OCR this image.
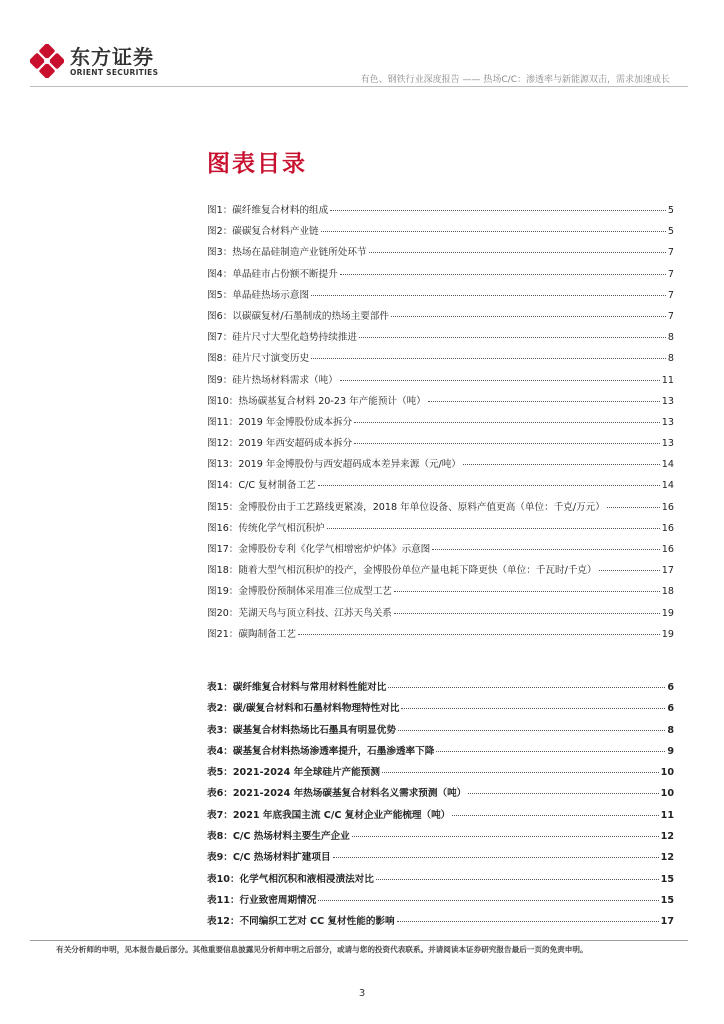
东方证券
ORIENT SECURITIES
有色、钢铁行业深度报告 —— 热场C/C：渗透率与新能源双击，需求加速成长
图表目录
图1：碳纤维复合材料的组成	5
图2：碳碳复合材料产业链	5
图3：热场在晶硅制造产业链所处环节	7
图4：单晶硅市占份额不断提升	7
图5：单晶硅热场示意图	7
图6：以碳碳复材/石墨制成的热场主要部件	7
图7：硅片尺寸大型化趋势持续推进	8
图8：硅片尺寸演变历史	8
图9：硅片热场材料需求（吨）	11
图10：热场碳基复合材料 20-23 年产能预计（吨）	13
图11：2019 年金博股份成本拆分	13
图12：2019 年西安超码成本拆分	13
图13：2019 年金博股份与西安超码成本差异来源（元/吨）	14
图14：C/C 复材制备工艺	14
图15：金博股份由于工艺路线更紧凑，2018 年单位设备、原料产值更高（单位：千克/万元）	16
图16：传统化学气相沉积炉	16
图17：金博股份专利《化学气相增密炉炉体》示意图	16
图18：随着大型气相沉积炉的投产，金博股份单位产量电耗下降更快（单位：千瓦时/千克）	17
图19：金博股份预制体采用准三位成型工艺	18
图20：芜湖天鸟与顶立科技、江苏天鸟关系	19
图21：碳陶制备工艺	19
表1：碳纤维复合材料与常用材料性能对比	6
表2：碳/碳复合材料和石墨材料物理特性对比	6
表3：碳基复合材料热场比石墨具有明显优势	8
表4：碳基复合材料热场渗透率提升，石墨渗透率下降	9
表5：2021-2024 年全球硅片产能预测	10
表6：2021-2024 年热场碳基复合材料名义需求预测（吨）	10
表7：2021 年底我国主流 C/C 复材企业产能梳理（吨）	11
表8：C/C 热场材料主要生产企业	12
表9：C/C 热场材料扩建项目	12
表10：化学气相沉积和液相浸渍法对比	15
表11：行业致密周期情况	15
表12：不同编织工艺对 CC 复材性能的影响	17
有关分析师的申明，见本报告最后部分。其他重要信息披露见分析师申明之后部分，或请与您的投资代表联系。并请阅读本证券研究报告最后一页的免责申明。
3
